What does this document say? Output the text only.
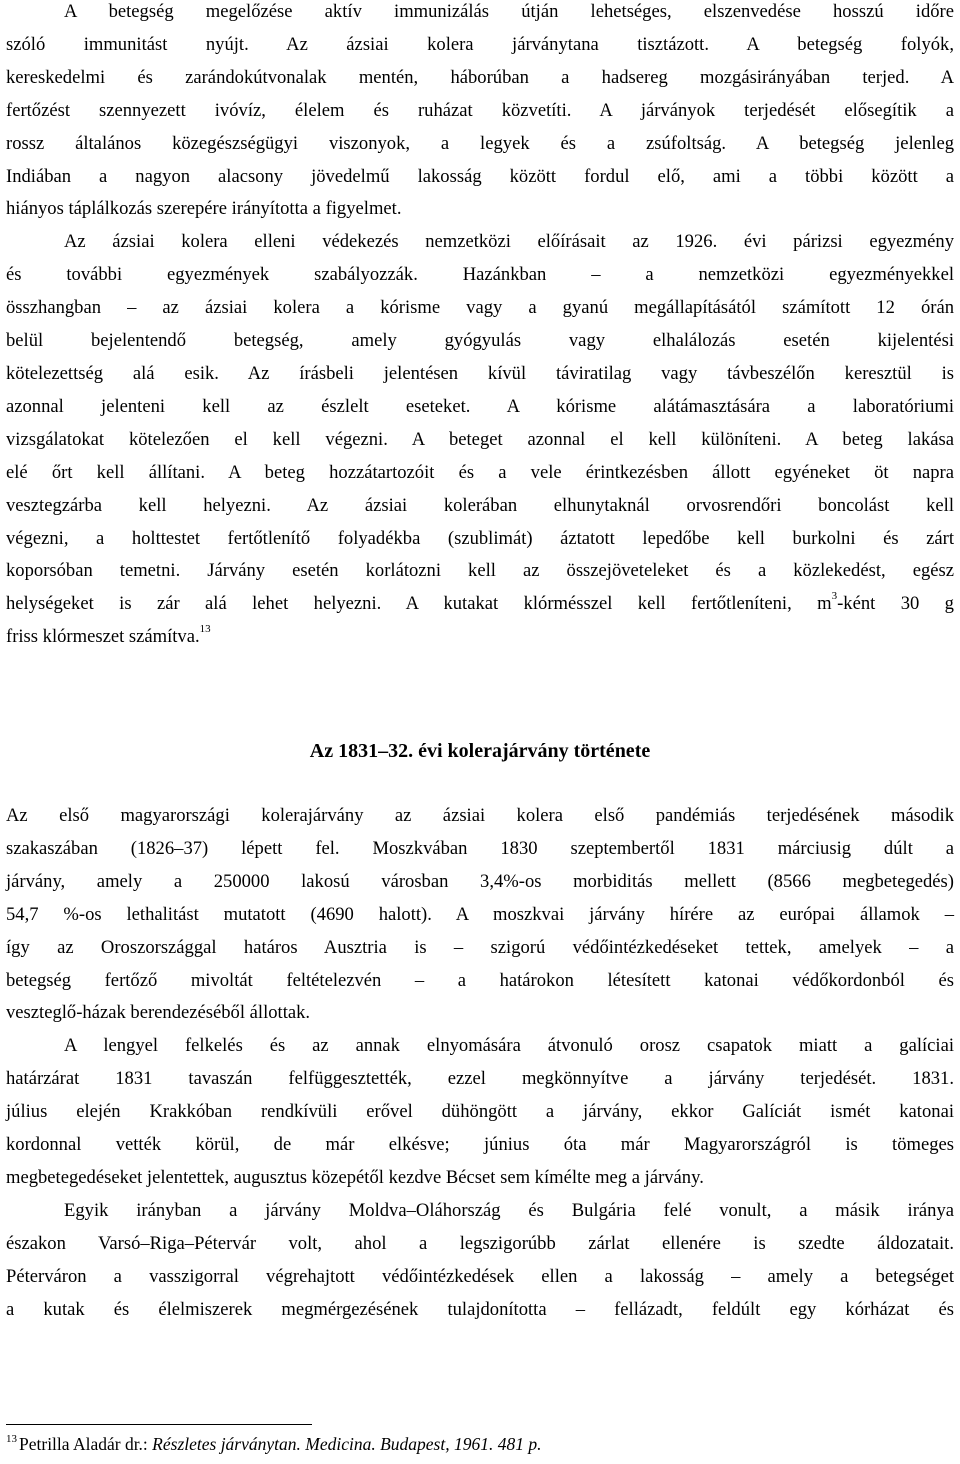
A betegség megelőzése aktív immunizálás útján lehetséges, elszenvedése hosszú időre

szóló immunitást nyújt. Az ázsiai kolera járványtana tisztázott. A betegség folyók,

kereskedelmi és zarándokútvonalak mentén, háborúban a hadsereg mozgásirányában terjed. A

fertőzést szennyezett ivóvíz, élelem és ruházat közvetíti. A járványok terjedését elősegítik a

rossz általános közegészségügyi viszonyok, a legyek és a zsúfoltság. A betegség jelenleg

Indiában a nagyon alacsony jövedelmű lakosság között fordul elő, ami a többi között a

hiányos táplálkozás szerepére irányította a figyelmet.

Az ázsiai kolera elleni védekezés nemzetközi előírásait az 1926. évi párizsi egyezmény

és további egyezmények szabályozzák. Hazánkban – a nemzetközi egyezményekkel

összhangban – az ázsiai kolera a kórisme vagy a gyanú megállapításától számított 12 órán

belül bejelentendő betegség, amely gyógyulás vagy elhalálozás esetén kijelentési

kötelezettség alá esik. Az írásbeli jelentésen kívül táviratilag vagy távbeszélőn keresztül is

azonnal jelenteni kell az észlelt eseteket. A kórisme alátámasztására a laboratóriumi

vizsgálatokat kötelezően el kell végezni. A beteget azonnal el kell különíteni. A beteg lakása

elé őrt kell állítani. A beteg hozzátartozóit és a vele érintkezésben állott egyéneket öt napra

vesztegzárba kell helyezni. Az ázsiai kolerában elhunytaknál orvosrendőri boncolást kell

végezni, a holttestet fertőtlenítő folyadékba (szublimát) áztatott lepedőbe kell burkolni és zárt

koporsóban temetni. Járvány esetén korlátozni kell az összejöveteleket és a közlekedést, egész

helységeket is zár alá lehet helyezni. A kutakat klórmésszel kell fertőtleníteni, $m^3$-ként 30 g

friss klórmeszet számítva.$^{13}$

Az 1831–32. évi kolerajárvány története

Az első magyarországi kolerajárvány az ázsiai kolera első pandémiás terjedésének második

szakaszában (1826–37) lépett fel. Moszkvában 1830 szeptembertől 1831 márciusig dúlt a

járvány, amely a 250000 lakosú városban 3,4%-os morbiditás mellett (8566 megbetegedés)

54,7 %-os lethalitást mutatott (4690 halott). A moszkvai járvány hírére az európai államok –

így az Oroszországgal határos Ausztria is – szigorú védőintézkedéseket tettek, amelyek – a

betegség fertőző mivoltát feltételezvén – a határokon létesített katonai védőkordonból és

vesztegl​ő-házak berendezéséből állottak.

A lengyel felkelés és az annak elnyomására átvonuló orosz csapatok miatt a galíciai

határzárat 1831 tavaszán felfüggesztették, ezzel megkönnyítve a járvány terjedését. 1831.

július elején Krakkóban rendkívüli erővel dühöngött a járvány, ekkor Galíciát ismét katonai

kordonnal vették körül, de már elkésve; június óta már Magyarországról is tömeges

megbetegedéseket jelentettek, augusztus közepétől kezdve Bécset sem kímélte meg a járvány.

Egyik irányban a járvány Moldva–Oláhország és Bulgária felé vonult, a másik iránya

északon Varsó–Riga–Pétervár volt, ahol a legszigorúbb zárlat ellenére is szedte áldozatait.

Pétervá​ron a vasszigorral végrehajtott védőintézkedések ellen a lakosság – amely a betegséget

a kutak és élelmiszerek megmérgezésének tulajdonította – fellázadt, feldúlt egy kórházat és

$^{13}$ Petrilla Aladár dr.: Részletes járványtan. Medicina. Budapest, 1961. 481 p.
